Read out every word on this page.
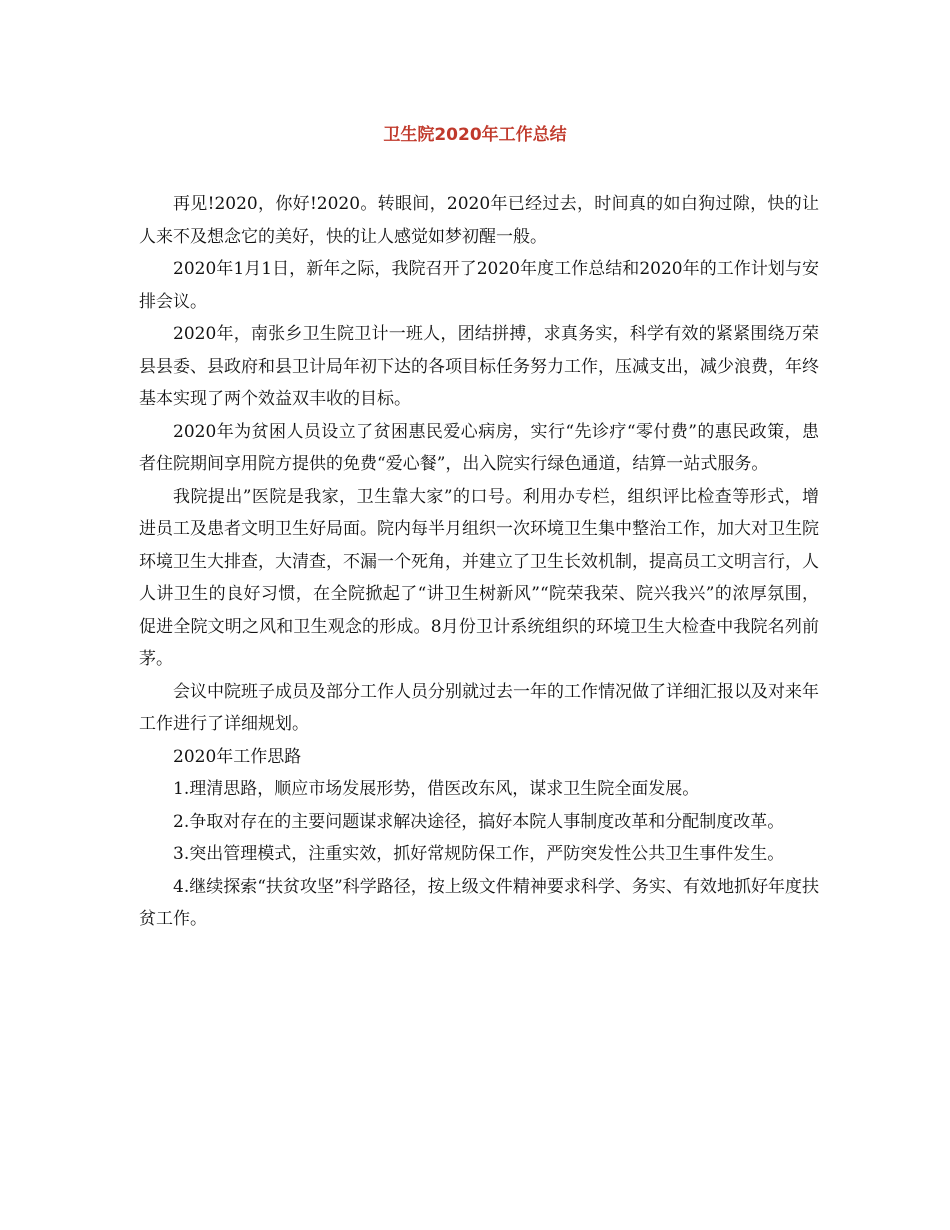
卫生院2020年工作总结

再见!2020，你好!2020。转眼间，2020年已经过去，时间真的如白狗过隙，快的让人来不及想念它的美好，快的让人感觉如梦初醒一般。

2020年1月1日，新年之际，我院召开了2020年度工作总结和2020年的工作计划与安排会议。

2020年，南张乡卫生院卫计一班人，团结拼搏，求真务实，科学有效的紧紧围绕万荣县县委、县政府和县卫计局年初下达的各项目标任务努力工作，压减支出，减少浪费，年终基本实现了两个效益双丰收的目标。

2020年为贫困人员设立了贫困惠民爱心病房，实行“先诊疗“零付费”的惠民政策，患者住院期间享用院方提供的免费“爱心餐”，出入院实行绿色通道，结算一站式服务。

我院提出”医院是我家，卫生靠大家”的口号。利用办专栏，组织评比检查等形式，增进员工及患者文明卫生好局面。院内每半月组织一次环境卫生集中整治工作，加大对卫生院环境卫生大排查，大清查，不漏一个死角，并建立了卫生长效机制，提高员工文明言行，人人讲卫生的良好习惯，在全院掀起了“讲卫生树新风”“院荣我荣、院兴我兴”的浓厚氛围，促进全院文明之风和卫生观念的形成。8月份卫计系统组织的环境卫生大检查中我院名列前茅。

会议中院班子成员及部分工作人员分别就过去一年的工作情况做了详细汇报以及对来年工作进行了详细规划。

2020年工作思路

1.理清思路，顺应市场发展形势，借医改东风，谋求卫生院全面发展。

2.争取对存在的主要问题谋求解决途径，搞好本院人事制度改革和分配制度改革。

3.突出管理模式，注重实效，抓好常规防保工作，严防突发性公共卫生事件发生。

4.继续探索“扶贫攻坚”科学路径，按上级文件精神要求科学、务实、有效地抓好年度扶贫工作。
